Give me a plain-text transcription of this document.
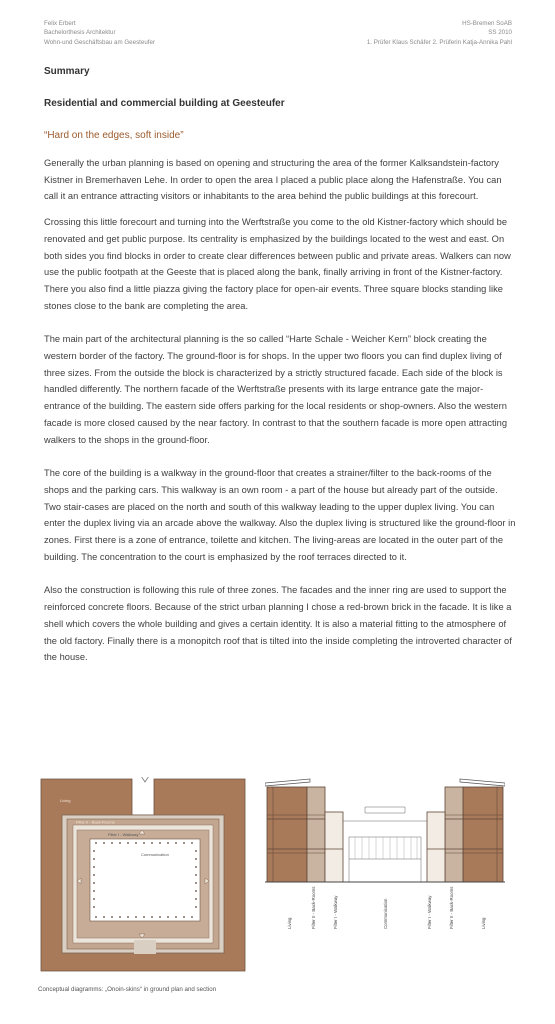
Felix Erbert
Bachelorthesis Architektur
Wohn-und Geschäftsbau am Geesteufer
HS-Bremen SoAB
SS 2010
1. Prüfer Klaus Schäfer 2. Prüferin Katja-Annika Pahl
Summary
Residential and commercial building at Geesteufer
“Hard on the edges, soft inside”

Generally the urban planning is based on opening and structuring the area of the former Kalksandstein-factory Kistner in Bremerhaven Lehe. In order to open the area I placed a public place along the Hafenstraße. You can call it an entrance attracting visitors or inhabitants to the area behind the public buildings at this forecourt.

Crossing this little forecourt and turning into the Werftstraße you come to the old Kistner-factory which should be renovated and get public purpose. Its centrality is emphasized by the buildings located to the west and east. On both sides you find blocks in order to create clear differences between public and private areas. Walkers can now use the public footpath at the Geeste that is placed along the bank, finally arriving in front of the Kistner-factory. There you also find a little piazza giving the factory place for open-air events. Three square blocks standing like stones close to the bank are completing the area.

The main part of the architectural planning is the so called “Harte Schale - Weicher Kern” block creating the western border of the factory. The ground-floor is for shops. In the upper two floors you can find duplex living of three sizes. From the outside the block is characterized by a strictly structured facade. Each side of the block is handled differently. The northern facade of the Werftstraße presents with its large entrance gate the major-entrance of the building. The eastern side offers parking for the local residents or shop-owners. Also the western facade is more closed caused by the near factory. In contrast to that the southern facade is more open attracting walkers to the shops in the ground-floor.

The core of the building is a walkway in the ground-floor that creates a strainer/filter to the back-rooms of the shops and the parking cars. This walkway is an own room - a part of the house but already part of the outside. Two stair-cases are placed on the north and south of this walkway leading to the upper duplex living. You can enter the duplex living via an arcade above the walkway. Also the duplex living is structured like the ground-floor in zones. First there is a zone of entrance, toilette and kitchen. The living-areas are located in the outer part of the building. The concentration to the court is emphasized by the roof terraces directed to it.

Also the construction is following this rule of three zones. The facades and the inner ring are used to support the reinforced concrete floors. Because of the strict urban planning I chose a red-brown brick in the facade. It is like a shell which covers the whole building and gives a certain identity. It is also a material fitting to the atmosphere of the old factory. Finally there is a monopitch roof that is tilted into the inside completing the introverted character of the house.

Living
Filter II - Back-Rooms
Filter I - Walkway
Communication
Living	Filter II - Back-Rooms	Filter I - Walkway	Communication	Filter I - Walkway	Filter II - Back-Rooms	Living
Conceptual diagramms: „Onoin-skins“ in ground plan and section
